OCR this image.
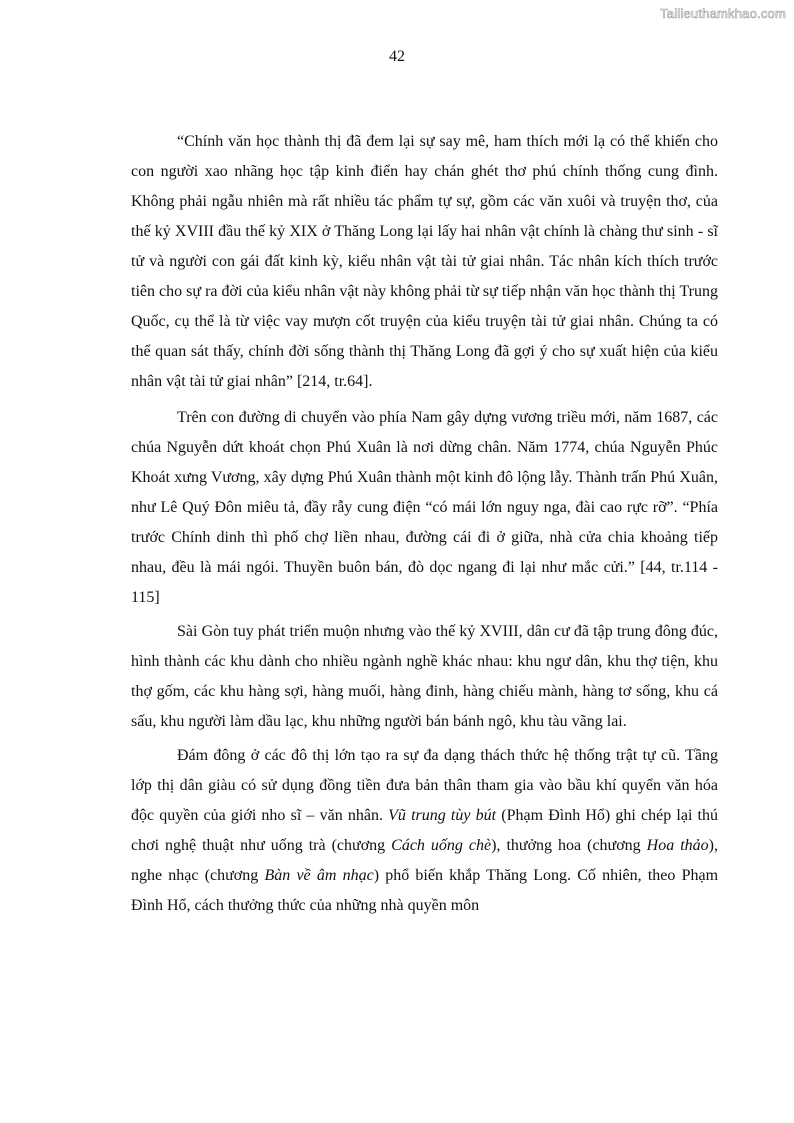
Tailieuthamkhao.com
42

“Chính văn học thành thị đã đem lại sự say mê, ham thích mới lạ có thể khiến cho con người xao nhãng học tập kinh điển hay chán ghét thơ phú chính thống cung đình. Không phải ngẫu nhiên mà rất nhiều tác phẩm tự sự, gồm các văn xuôi và truyện thơ, của thế kỷ XVIII đầu thế kỷ XIX ở Thăng Long lại lấy hai nhân vật chính là chàng thư sinh - sĩ tử và người con gái đất kinh kỳ, kiểu nhân vật tài tử giai nhân. Tác nhân kích thích trước tiên cho sự ra đời của kiểu nhân vật này không phải từ sự tiếp nhận văn học thành thị Trung Quốc, cụ thể là từ việc vay mượn cốt truyện của kiểu truyện tài tử giai nhân. Chúng ta có thể quan sát thấy, chính đời sống thành thị Thăng Long đã gợi ý cho sự xuất hiện của kiểu nhân vật tài tử giai nhân” [214, tr.64].

Trên con đường di chuyển vào phía Nam gây dựng vương triều mới, năm 1687, các chúa Nguyễn dứt khoát chọn Phú Xuân là nơi dừng chân. Năm 1774, chúa Nguyễn Phúc Khoát xưng Vương, xây dựng Phú Xuân thành một kinh đô lộng lẫy. Thành trấn Phú Xuân, như Lê Quý Đôn miêu tả, đầy rẫy cung điện “có mái lớn nguy nga, đài cao rực rỡ”. “Phía trước Chính dinh thì phố chợ liền nhau, đường cái đi ở giữa, nhà cửa chia khoảng tiếp nhau, đều là mái ngói. Thuyền buôn bán, đò dọc ngang đi lại như mắc cửi.” [44, tr.114 - 115]

Sài Gòn tuy phát triển muộn nhưng vào thế kỷ XVIII, dân cư đã tập trung đông đúc, hình thành các khu dành cho nhiều ngành nghề khác nhau: khu ngư dân, khu thợ tiện, khu thợ gốm, các khu hàng sợi, hàng muối, hàng đinh, hàng chiếu mành, hàng tơ sống, khu cá sấu, khu người làm dầu lạc, khu những người bán bánh ngô, khu tàu vãng lai.

Đám đông ở các đô thị lớn tạo ra sự đa dạng thách thức hệ thống trật tự cũ. Tầng lớp thị dân giàu có sử dụng đồng tiền đưa bản thân tham gia vào bầu khí quyển văn hóa độc quyền của giới nho sĩ – văn nhân. Vũ trung tùy bút (Phạm Đình Hổ) ghi chép lại thú chơi nghệ thuật như uống trà (chương Cách uống chè), thưởng hoa (chương Hoa thảo), nghe nhạc (chương Bàn về âm nhạc) phổ biến khắp Thăng Long. Cố nhiên, theo Phạm Đình Hổ, cách thưởng thức của những nhà quyền môn
